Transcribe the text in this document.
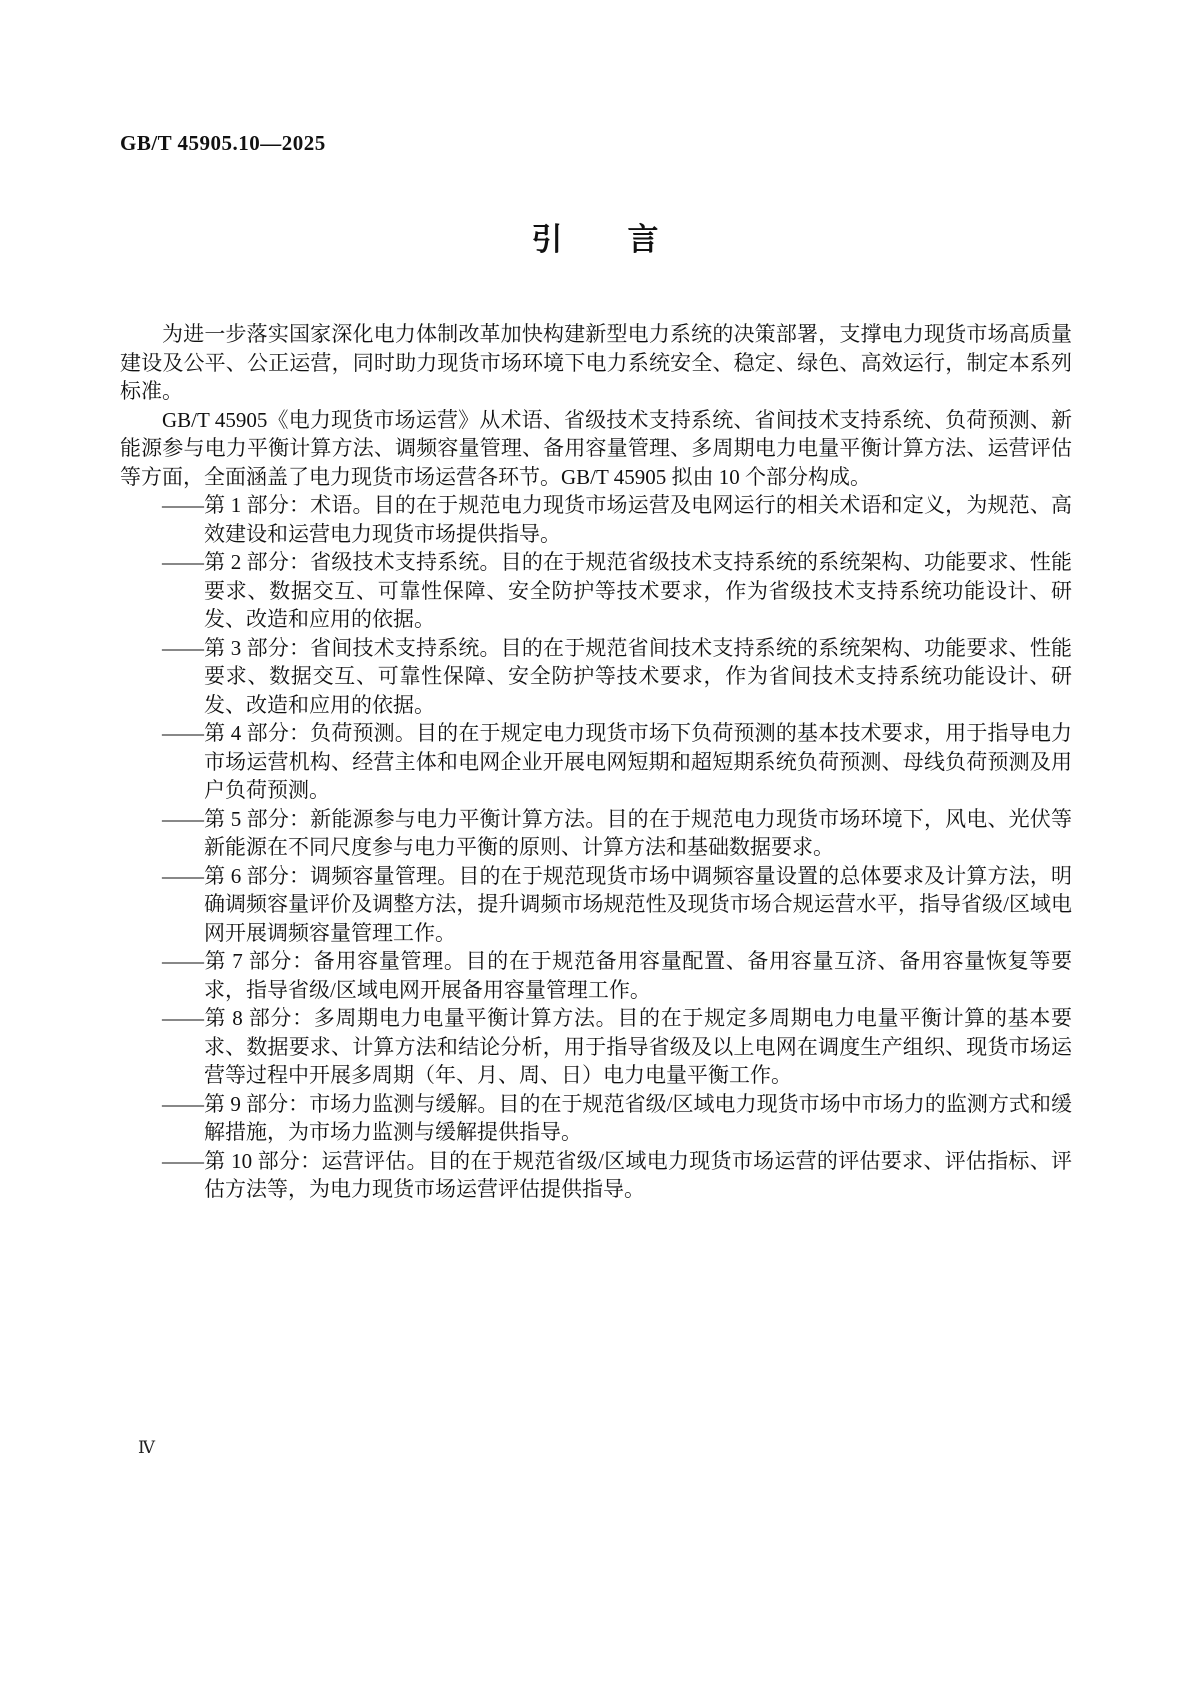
GB/T 45905.10—2025
引　　言

为进一步落实国家深化电力体制改革加快构建新型电力系统的决策部署，支撑电力现货市场高质量建设及公平、公正运营，同时助力现货市场环境下电力系统安全、稳定、绿色、高效运行，制定本系列标准。

GB/T 45905《电力现货市场运营》从术语、省级技术支持系统、省间技术支持系统、负荷预测、新能源参与电力平衡计算方法、调频容量管理、备用容量管理、多周期电力电量平衡计算方法、运营评估等方面，全面涵盖了电力现货市场运营各环节。GB/T 45905 拟由 10 个部分构成。

——第 1 部分：术语。目的在于规范电力现货市场运营及电网运行的相关术语和定义，为规范、高效建设和运营电力现货市场提供指导。

——第 2 部分：省级技术支持系统。目的在于规范省级技术支持系统的系统架构、功能要求、性能要求、数据交互、可靠性保障、安全防护等技术要求，作为省级技术支持系统功能设计、研发、改造和应用的依据。

——第 3 部分：省间技术支持系统。目的在于规范省间技术支持系统的系统架构、功能要求、性能要求、数据交互、可靠性保障、安全防护等技术要求，作为省间技术支持系统功能设计、研发、改造和应用的依据。

——第 4 部分：负荷预测。目的在于规定电力现货市场下负荷预测的基本技术要求，用于指导电力市场运营机构、经营主体和电网企业开展电网短期和超短期系统负荷预测、母线负荷预测及用户负荷预测。

——第 5 部分：新能源参与电力平衡计算方法。目的在于规范电力现货市场环境下，风电、光伏等新能源在不同尺度参与电力平衡的原则、计算方法和基础数据要求。

——第 6 部分：调频容量管理。目的在于规范现货市场中调频容量设置的总体要求及计算方法，明确调频容量评价及调整方法，提升调频市场规范性及现货市场合规运营水平，指导省级/区域电网开展调频容量管理工作。

——第 7 部分：备用容量管理。目的在于规范备用容量配置、备用容量互济、备用容量恢复等要求，指导省级/区域电网开展备用容量管理工作。

——第 8 部分：多周期电力电量平衡计算方法。目的在于规定多周期电力电量平衡计算的基本要求、数据要求、计算方法和结论分析，用于指导省级及以上电网在调度生产组织、现货市场运营等过程中开展多周期（年、月、周、日）电力电量平衡工作。

——第 9 部分：市场力监测与缓解。目的在于规范省级/区域电力现货市场中市场力的监测方式和缓解措施，为市场力监测与缓解提供指导。

——第 10 部分：运营评估。目的在于规范省级/区域电力现货市场运营的评估要求、评估指标、评估方法等，为电力现货市场运营评估提供指导。

Ⅳ
